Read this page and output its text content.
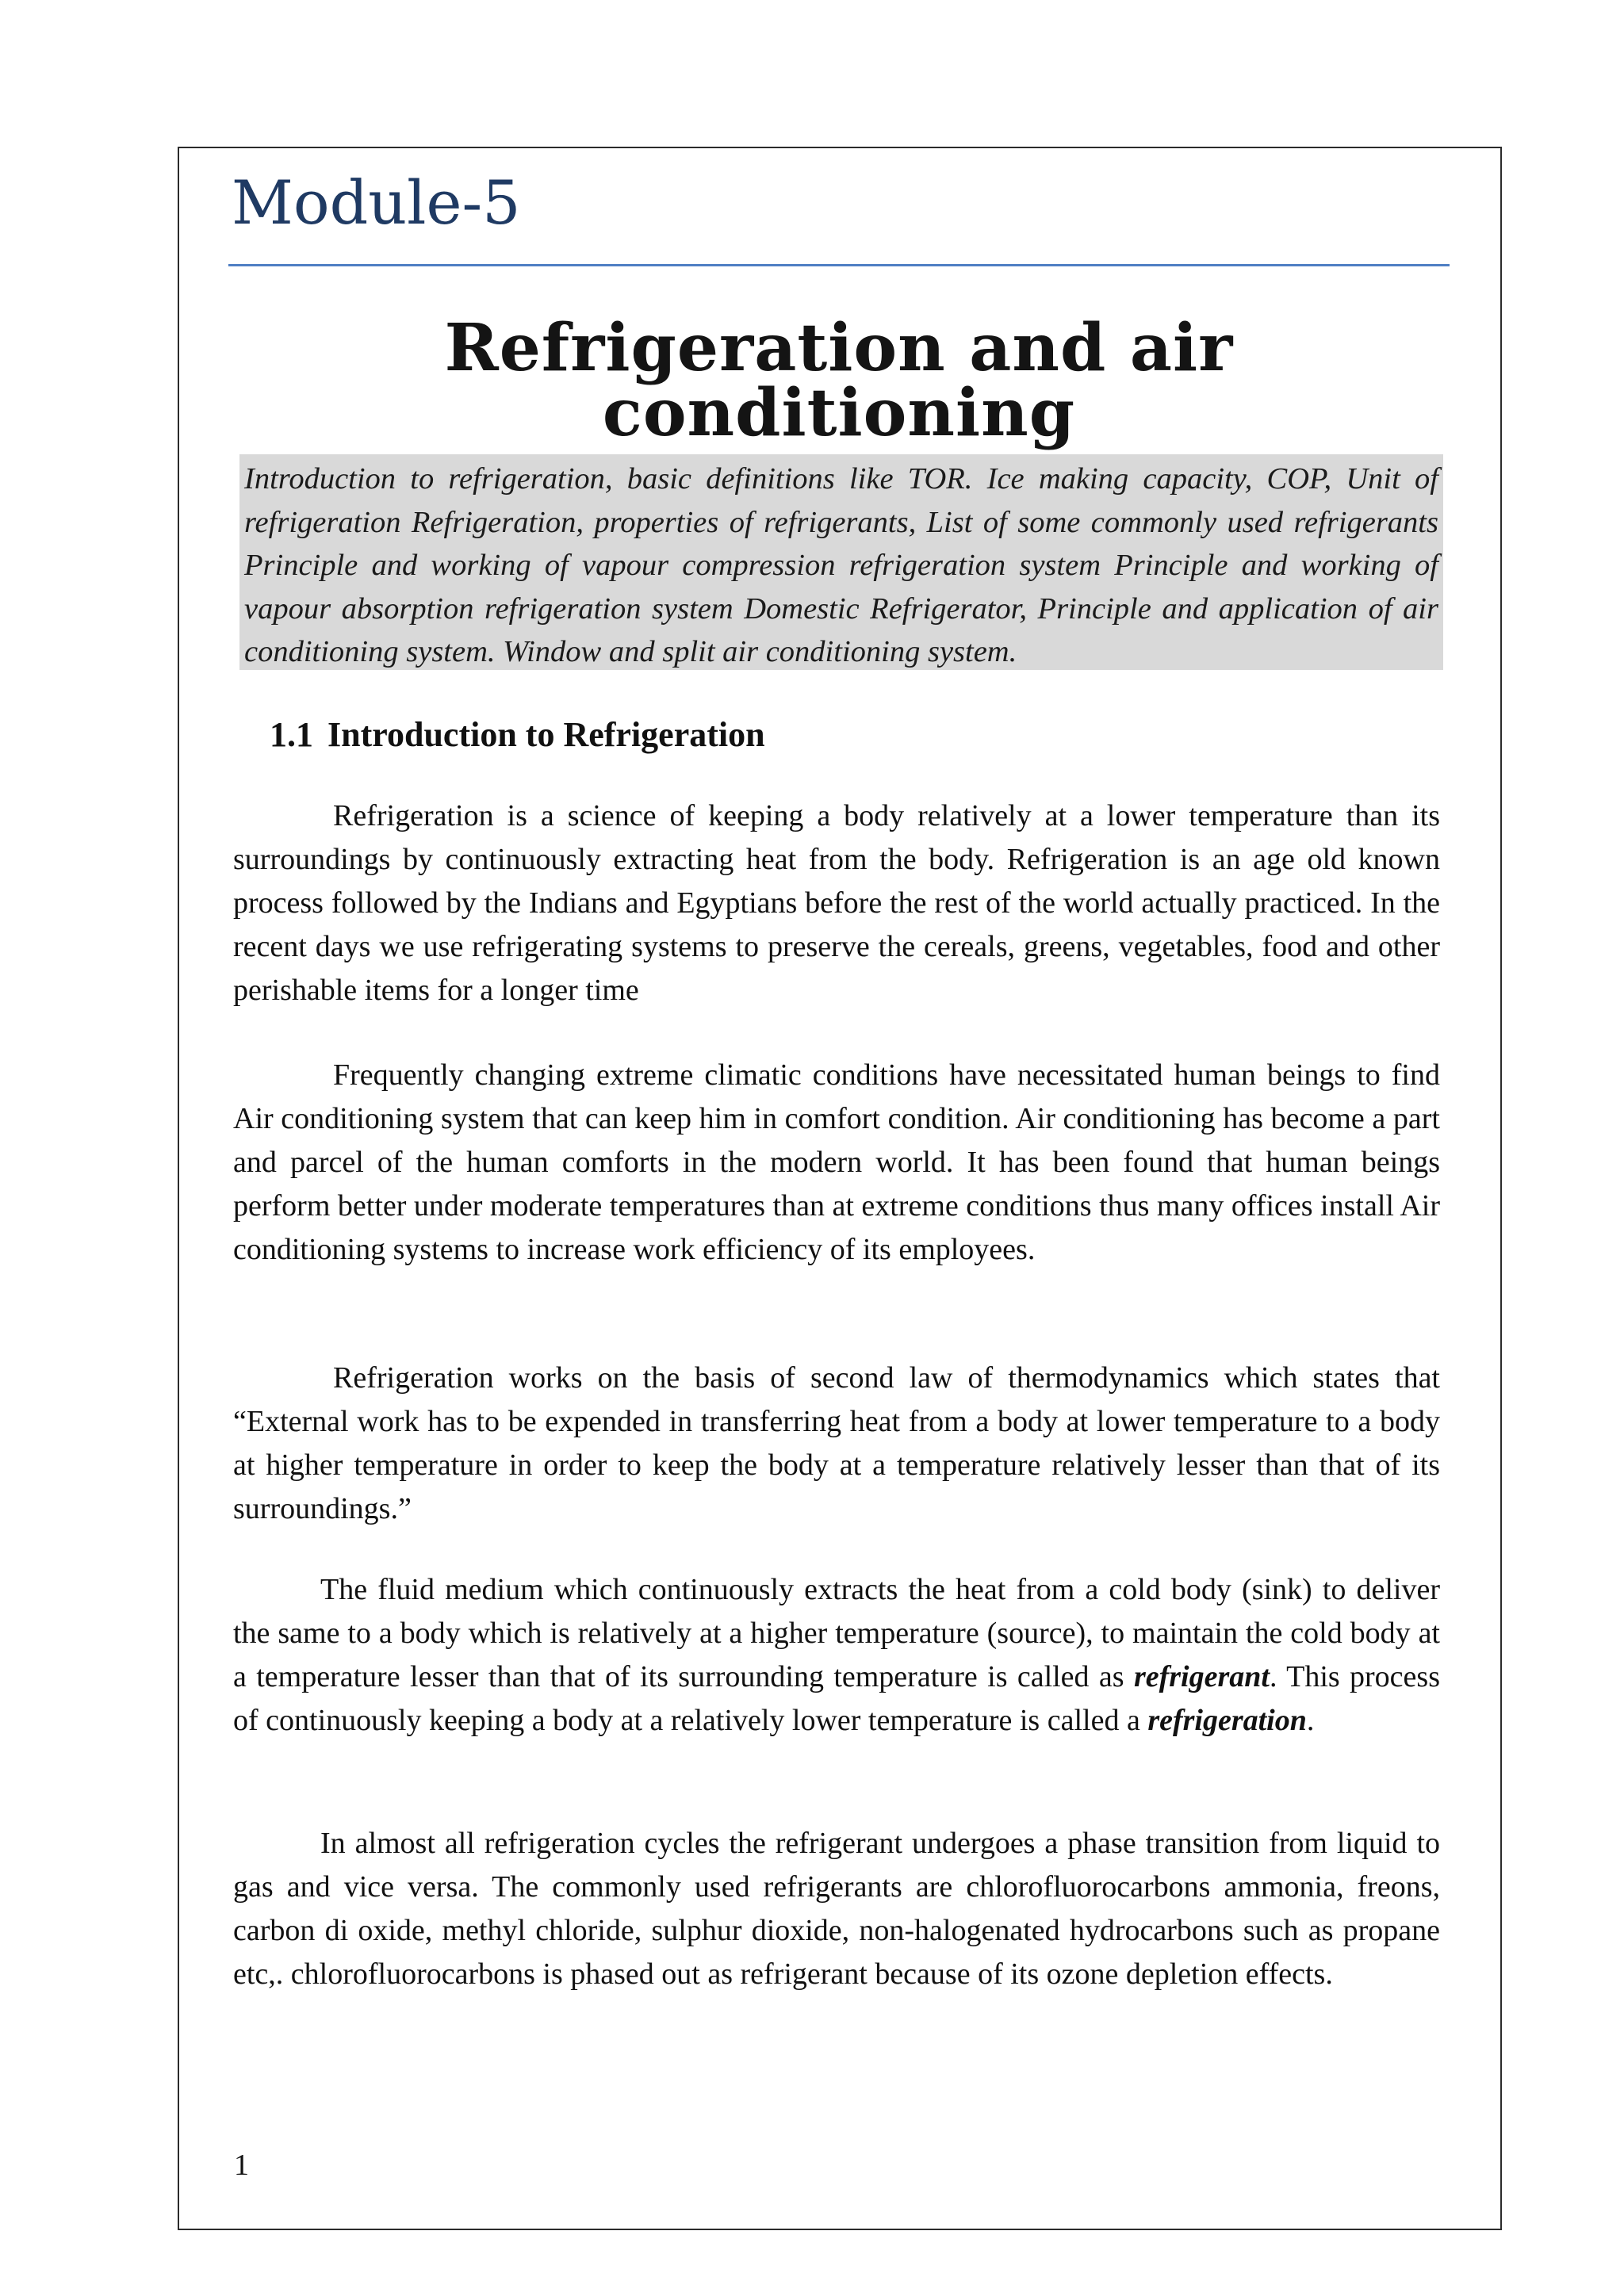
Module-5
Refrigeration and air conditioning
Introduction to refrigeration, basic definitions like TOR. Ice making capacity, COP, Unit of refrigeration Refrigeration, properties of refrigerants, List of some commonly used refrigerants Principle and working of vapour compression refrigeration system Principle and working of vapour absorption refrigeration system Domestic Refrigerator, Principle and application of air conditioning system. Window and split air conditioning system.
1.1 Introduction to Refrigeration

Refrigeration is a science of keeping a body relatively at a lower temperature than its surroundings by continuously extracting heat from the body. Refrigeration is an age old known process followed by the Indians and Egyptians before the rest of the world actually practiced. In the recent days we use refrigerating systems to preserve the cereals, greens, vegetables, food and other perishable items for a longer time

Frequently changing extreme climatic conditions have necessitated human beings to find Air conditioning system that can keep him in comfort condition. Air conditioning has become a part and parcel of the human comforts in the modern world. It has been found that human beings perform better under moderate temperatures than at extreme conditions thus many offices install Air conditioning systems to increase work efficiency of its employees.

Refrigeration works on the basis of second law of thermodynamics which states that “External work has to be expended in transferring heat from a body at lower temperature to a body at higher temperature in order to keep the body at a temperature relatively lesser than that of its surroundings.”

The fluid medium which continuously extracts the heat from a cold body (sink) to deliver the same to a body which is relatively at a higher temperature (source), to maintain the cold body at a temperature lesser than that of its surrounding temperature is called as refrigerant. This process of continuously keeping a body at a relatively lower temperature is called a refrigeration.

In almost all refrigeration cycles the refrigerant undergoes a phase transition from liquid to gas and vice versa. The commonly used refrigerants are chlorofluorocarbons ammonia, freons, carbon di oxide, methyl chloride, sulphur dioxide, non-halogenated hydrocarbons such as propane etc,. chlorofluorocarbons is phased out as refrigerant because of its ozone depletion effects.

1
